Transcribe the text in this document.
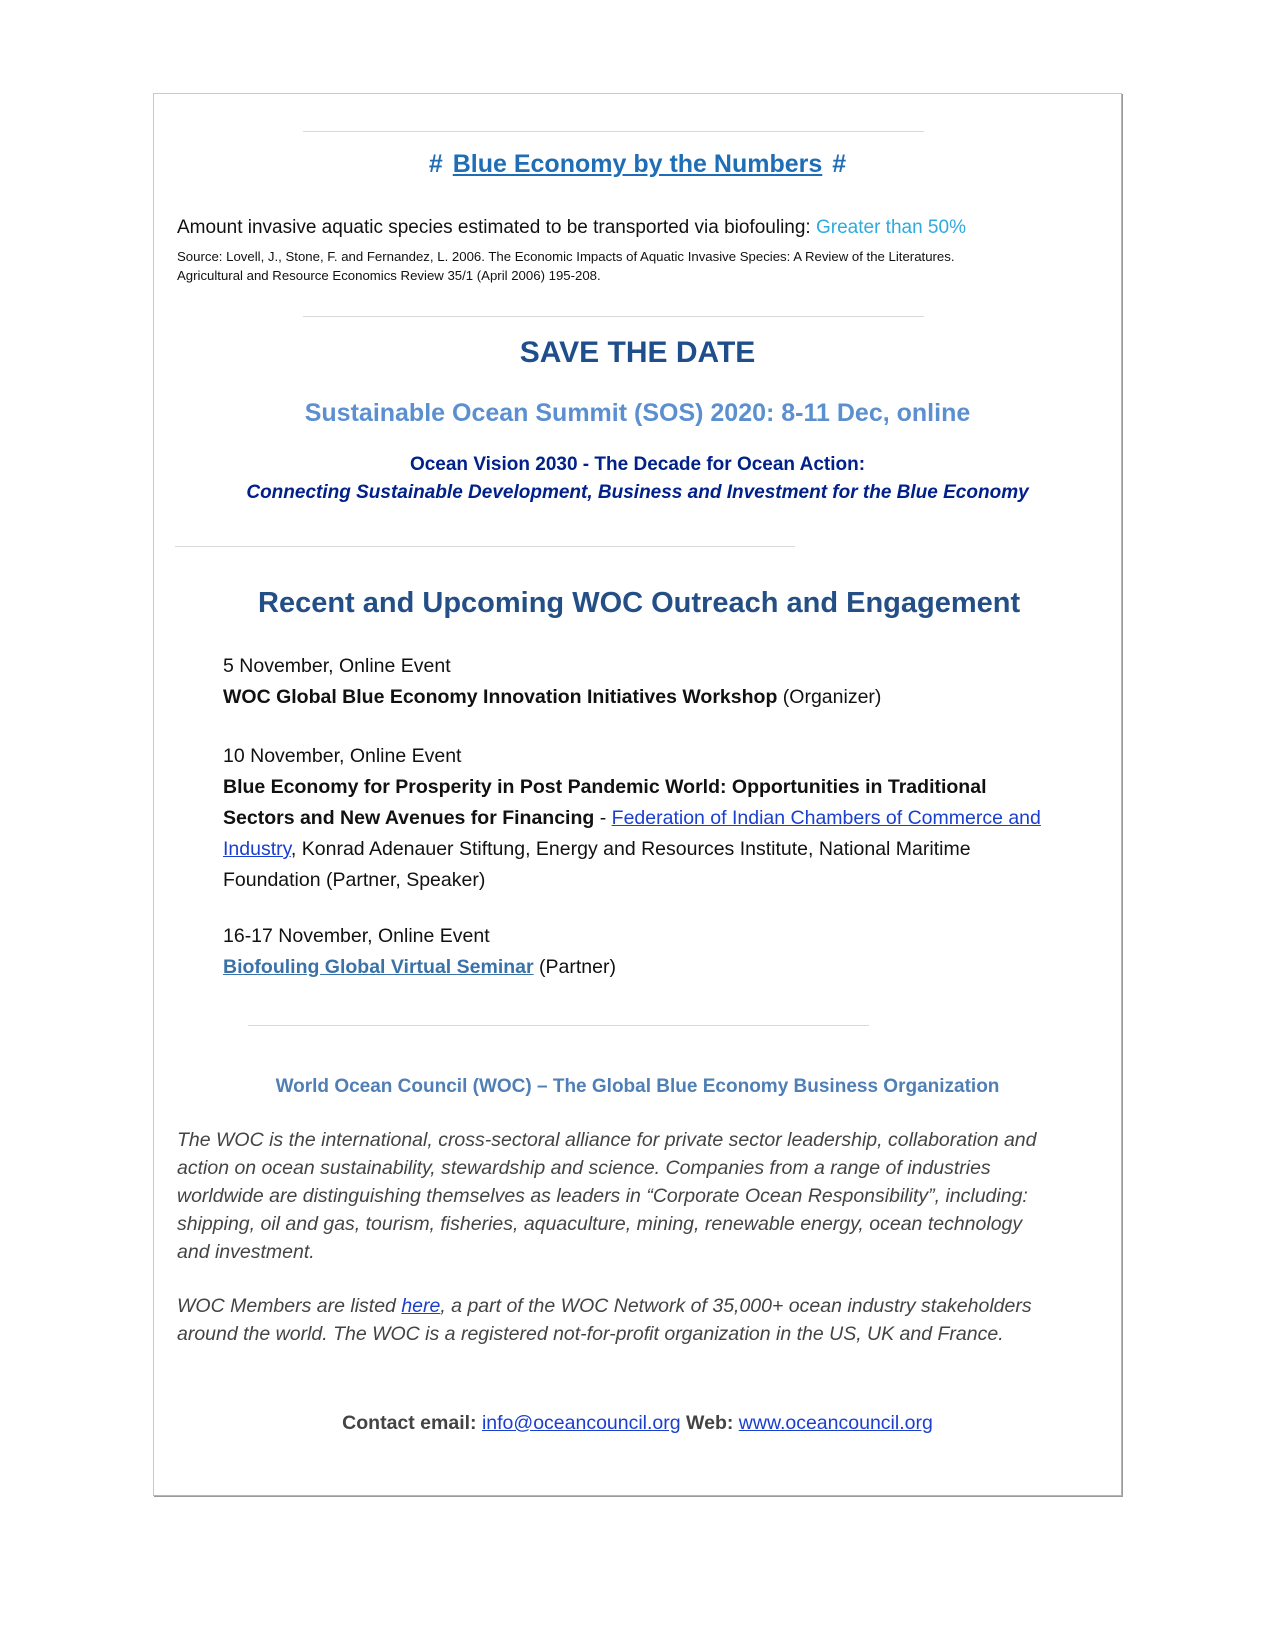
# Blue Economy by the Numbers #
Amount invasive aquatic species estimated to be transported via biofouling: Greater than 50%
Source: Lovell, J., Stone, F. and Fernandez, L. 2006. The Economic Impacts of Aquatic Invasive Species: A Review of the Literatures.
Agricultural and Resource Economics Review 35/1 (April 2006) 195-208.
SAVE THE DATE
Sustainable Ocean Summit (SOS) 2020: 8-11 Dec, online
Ocean Vision 2030 - The Decade for Ocean Action:
Connecting Sustainable Development, Business and Investment for the Blue Economy
Recent and Upcoming WOC Outreach and Engagement
5 November, Online Event
WOC Global Blue Economy Innovation Initiatives Workshop (Organizer)
10 November, Online Event
Blue Economy for Prosperity in Post Pandemic World: Opportunities in Traditional Sectors and New Avenues for Financing - Federation of Indian Chambers of Commerce and Industry, Konrad Adenauer Stiftung, Energy and Resources Institute, National Maritime Foundation (Partner, Speaker)
16-17 November, Online Event
Biofouling Global Virtual Seminar (Partner)
World Ocean Council (WOC) – The Global Blue Economy Business Organization
The WOC is the international, cross-sectoral alliance for private sector leadership, collaboration and action on ocean sustainability, stewardship and science. Companies from a range of industries worldwide are distinguishing themselves as leaders in “Corporate Ocean Responsibility”, including: shipping, oil and gas, tourism, fisheries, aquaculture, mining, renewable energy, ocean technology and investment.
WOC Members are listed here, a part of the WOC Network of 35,000+ ocean industry stakeholders around the world. The WOC is a registered not-for-profit organization in the US, UK and France.
Contact email: info@oceancouncil.org Web: www.oceancouncil.org
